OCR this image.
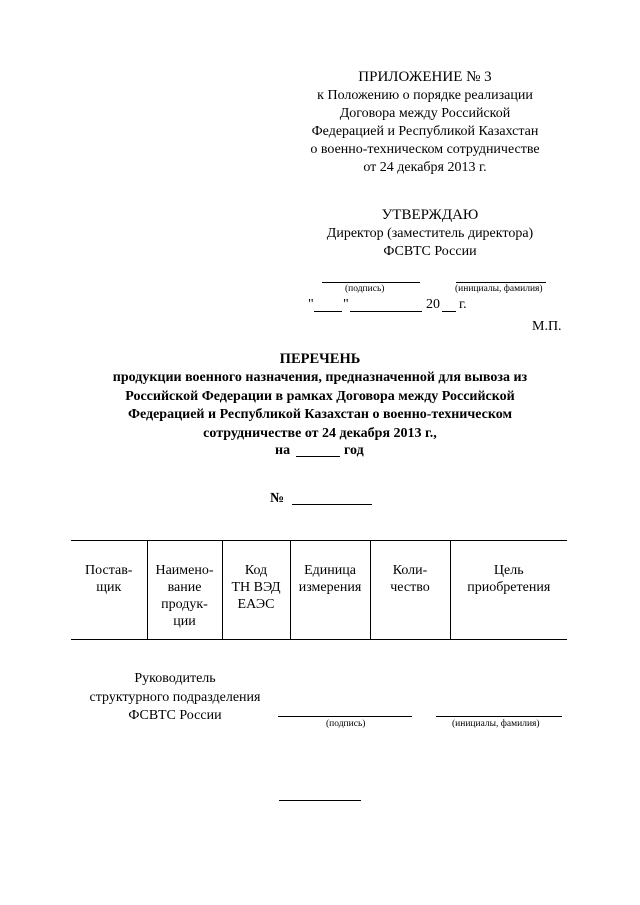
ПРИЛОЖЕНИЕ № 3
к Положению о порядке реализации
Договора между Российской
Федерацией и Республикой Казахстан
о военно-техническом сотрудничестве
от 24 декабря 2013 г.
УТВЕРЖДАЮ
Директор (заместитель директора)
ФСВТС России
(подпись)	(инициалы, фамилия)
" "	20 г.
М.П.
ПЕРЕЧЕНЬ
продукции военного назначения, предназначенной для вывоза из
Российской Федерации в рамках Договора между Российской
Федерацией и Республикой Казахстан о военно-техническом
сотрудничестве от 24 декабря 2013 г.,
на	год
№
Постав-
щик

Наимено-
вание
продук-
ции

Код
ТН ВЭД
ЕАЭС

Единица
измерения

Коли-
чество

Цель
приобретения
Руководитель
структурного подразделения
ФСВТС России
(подпись)	(инициалы, фамилия)
